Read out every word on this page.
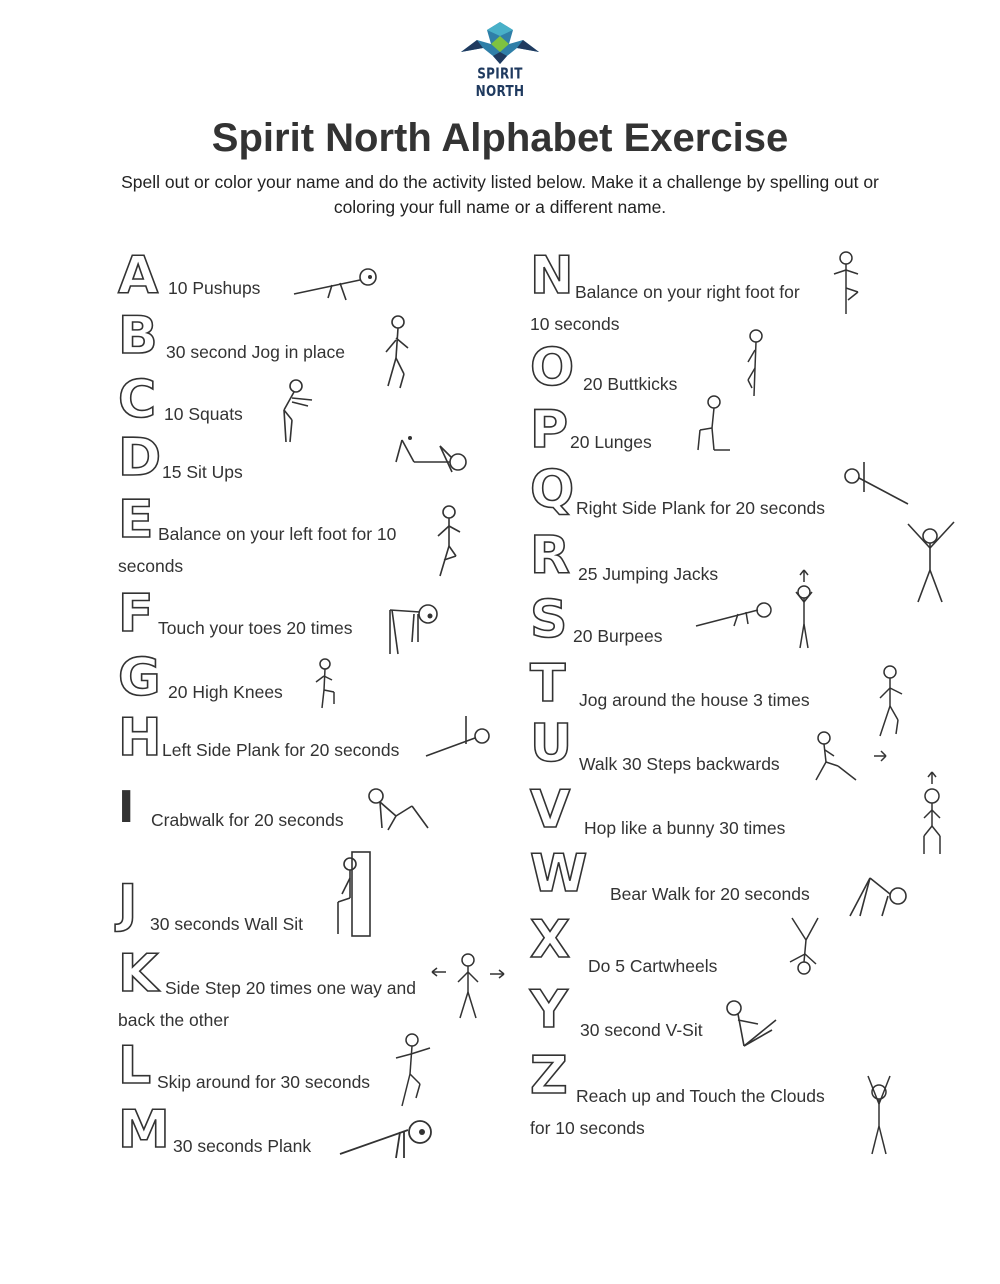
SPIRIT NORTH
Spirit North Alphabet Exercise

Spell out or color your name and do the activity listed below. Make it a challenge by spelling out or coloring your full name or a different name.

A 10 Pushups
B 30 second Jog in place
C 10 Squats
D 15 Sit Ups
E Balance on your left foot for 10 seconds
F Touch your toes 20 times
G 20 High Knees
H Left Side Plank for 20 seconds
I Crabwalk for 20 seconds
J 30 seconds Wall Sit
K Side Step 20 times one way and back the other
L Skip around for 30 seconds
M 30 seconds Plank
N Balance on your right foot for 10 seconds
O 20 Buttkicks
P 20 Lunges
Q Right Side Plank for 20 seconds
R 25 Jumping Jacks
S 20 Burpees
T Jog around the house 3 times
U Walk 30 Steps backwards
V Hop like a bunny 30 times
W Bear Walk for 20 seconds
X Do 5 Cartwheels
Y 30 second V-Sit
Z Reach up and Touch the Clouds for 10 seconds
